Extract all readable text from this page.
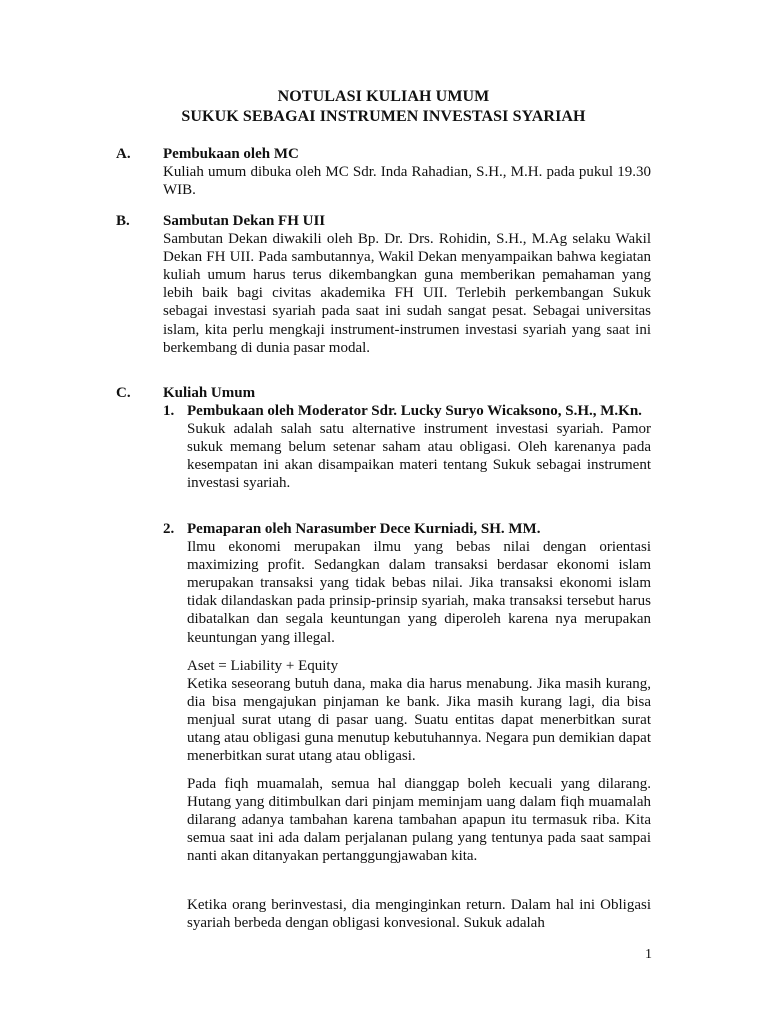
NOTULASI KULIAH UMUM
SUKUK SEBAGAI INSTRUMEN INVESTASI SYARIAH
A. Pembukaan oleh MC
Kuliah umum dibuka oleh MC Sdr. Inda Rahadian, S.H., M.H. pada pukul 19.30 WIB.
B. Sambutan Dekan FH UII
Sambutan Dekan diwakili oleh Bp. Dr. Drs. Rohidin, S.H., M.Ag selaku Wakil Dekan FH UII. Pada sambutannya, Wakil Dekan menyampaikan bahwa kegiatan kuliah umum harus terus dikembangkan guna memberikan pemahaman yang lebih baik bagi civitas akademika FH UII. Terlebih perkembangan Sukuk sebagai investasi syariah pada saat ini sudah sangat pesat. Sebagai universitas islam, kita perlu mengkaji instrument-instrumen investasi syariah yang saat ini berkembang di dunia pasar modal.
C. Kuliah Umum
1. Pembukaan oleh Moderator Sdr. Lucky Suryo Wicaksono, S.H., M.Kn.
Sukuk adalah salah satu alternative instrument investasi syariah. Pamor sukuk memang belum setenar saham atau obligasi. Oleh karenanya pada kesempatan ini akan disampaikan materi tentang Sukuk sebagai instrument investasi syariah.
2. Pemaparan oleh Narasumber Dece Kurniadi, SH. MM.
Ilmu ekonomi merupakan ilmu yang bebas nilai dengan orientasi maximizing profit. Sedangkan dalam transaksi berdasar ekonomi islam merupakan transaksi yang tidak bebas nilai. Jika transaksi ekonomi islam tidak dilandaskan pada prinsip-prinsip syariah, maka transaksi tersebut harus dibatalkan dan segala keuntungan yang diperoleh karena nya merupakan keuntungan yang illegal.
Aset = Liability + Equity
Ketika seseorang butuh dana, maka dia harus menabung. Jika masih kurang, dia bisa mengajukan pinjaman ke bank. Jika masih kurang lagi, dia bisa menjual surat utang di pasar uang. Suatu entitas dapat menerbitkan surat utang atau obligasi guna menutup kebutuhannya. Negara pun demikian dapat menerbitkan surat utang atau obligasi.
Pada fiqh muamalah, semua hal dianggap boleh kecuali yang dilarang. Hutang yang ditimbulkan dari pinjam meminjam uang dalam fiqh muamalah dilarang adanya tambahan karena tambahan apapun itu termasuk riba. Kita semua saat ini ada dalam perjalanan pulang yang tentunya pada saat sampai nanti akan ditanyakan pertanggungjawaban kita.
Ketika orang berinvestasi, dia menginginkan return. Dalam hal ini Obligasi syariah berbeda dengan obligasi konvesional. Sukuk adalah
1
